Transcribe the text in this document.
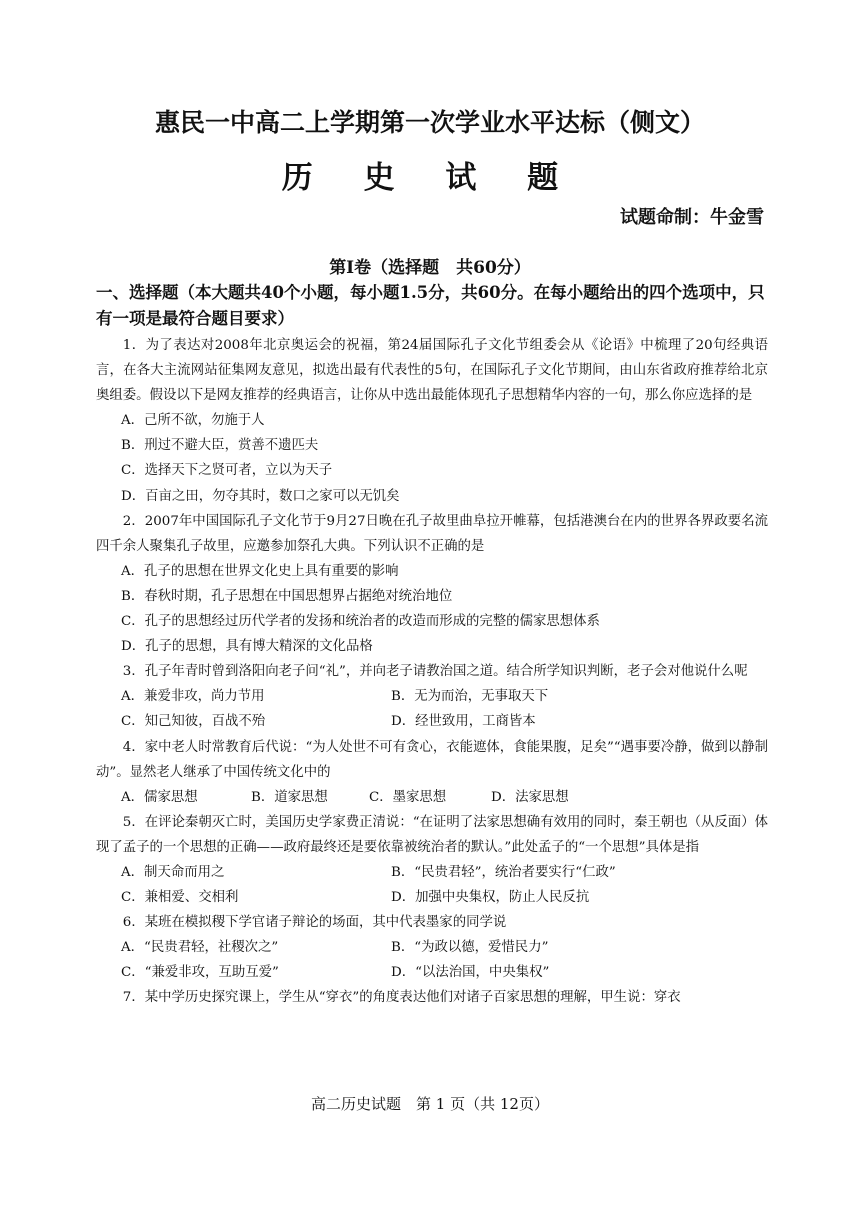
惠民一中高二上学期第一次学业水平达标（侧文）
历 史 试 题
试题命制：牛金雪
第Ⅰ卷（选择题　共60分）
一、选择题（本大题共40个小题，每小题1.5分，共60分。在每小题给出的四个选项中，只有一项是最符合题目要求）

1．为了表达对2008年北京奥运会的祝福，第24届国际孔子文化节组委会从《论语》中梳理了20句经典语言，在各大主流网站征集网友意见，拟选出最有代表性的5句，在国际孔子文化节期间，由山东省政府推荐给北京奥组委。假设以下是网友推荐的经典语言，让你从中选出最能体现孔子思想精华内容的一句，那么你应选择的是

A．己所不欲，勿施于人

B．刑过不避大臣，赏善不遗匹夫

C．选择天下之贤可者，立以为天子

D．百亩之田，勿夺其时，数口之家可以无饥矣

2．2007年中国国际孔子文化节于9月27日晚在孔子故里曲阜拉开帷幕，包括港澳台在内的世界各界政要名流四千余人聚集孔子故里，应邀参加祭孔大典。下列认识不正确的是

A．孔子的思想在世界文化史上具有重要的影响

B．春秋时期，孔子思想在中国思想界占据绝对统治地位

C．孔子的思想经过历代学者的发扬和统治者的改造而形成的完整的儒家思想体系

D．孔子的思想，具有博大精深的文化品格

3．孔子年青时曾到洛阳向老子问“礼”，并向老子请教治国之道。结合所学知识判断，老子会对他说什么呢

A．兼爱非攻，尚力节用	B．无为而治，无事取天下
C．知己知彼，百战不殆	D．经世致用，工商皆本

4．家中老人时常教育后代说：“为人处世不可有贪心，衣能遮体，食能果腹，足矣”“遇事要冷静，做到以静制动”。显然老人继承了中国传统文化中的

A．儒家思想	B．道家思想	C．墨家思想	D．法家思想

5．在评论秦朝灭亡时，美国历史学家费正清说：“在证明了法家思想确有效用的同时，秦王朝也（从反面）体现了孟子的一个思想的正确——政府最终还是要依靠被统治者的默认。”此处孟子的“一个思想”具体是指

A．制天命而用之	B．“民贵君轻”，统治者要实行“仁政”
C．兼相爱、交相利	D．加强中央集权，防止人民反抗

6．某班在模拟稷下学官诸子辩论的场面，其中代表墨家的同学说

A．“民贵君轻，社稷次之”	B．“为政以德，爱惜民力”
C．“兼爱非攻，互助互爱”	D．“以法治国，中央集权”

7．某中学历史探究课上，学生从“穿衣”的角度表达他们对诸子百家思想的理解，甲生说：穿衣

高二历史试题　第 1 页（共 12页）
